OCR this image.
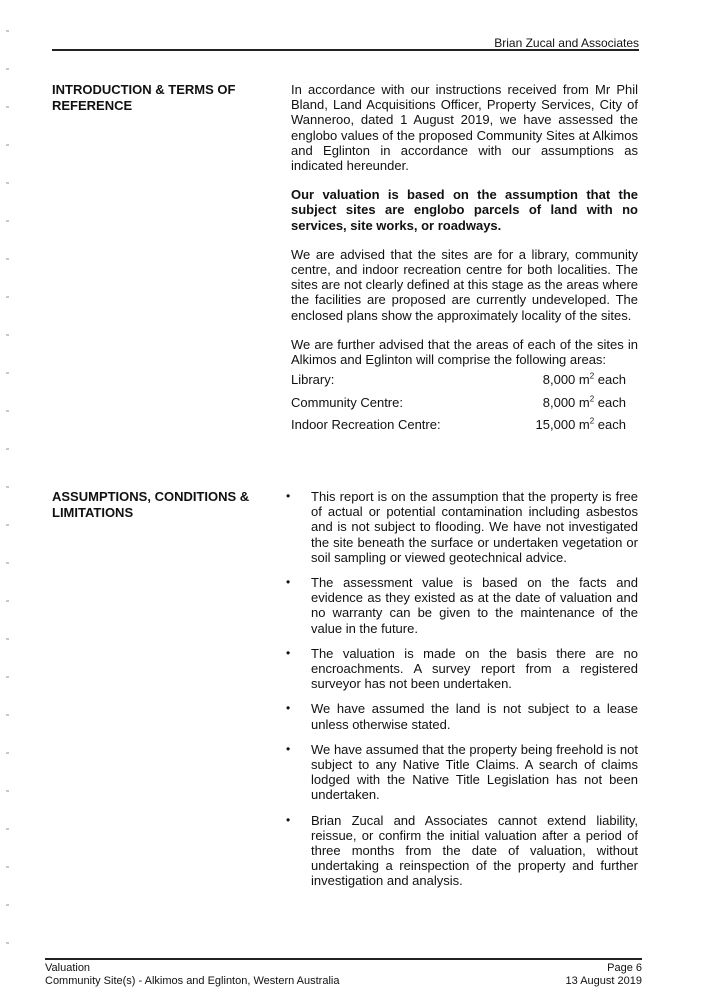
Brian Zucal and Associates
INTRODUCTION & TERMS OF REFERENCE

In accordance with our instructions received from Mr Phil Bland, Land Acquisitions Officer, Property Services, City of Wanneroo, dated 1 August 2019, we have assessed the englobo values of the proposed Community Sites at Alkimos and Eglinton in accordance with our assumptions as indicated hereunder.

Our valuation is based on the assumption that the subject sites are englobo parcels of land with no services, site works, or roadways.

We are advised that the sites are for a library, community centre, and indoor recreation centre for both localities. The sites are not clearly defined at this stage as the areas where the facilities are proposed are currently undeveloped. The enclosed plans show the approximately locality of the sites.

We are further advised that the areas of each of the sites in Alkimos and Eglinton will comprise the following areas:

Library:	8,000 $m^2$ each
Community Centre:	8,000 $m^2$ each
Indoor Recreation Centre:	15,000 $m^2$ each
ASSUMPTIONS, CONDITIONS & LIMITATIONS
• This report is on the assumption that the property is free of actual or potential contamination including asbestos and is not subject to flooding. We have not investigated the site beneath the surface or undertaken vegetation or soil sampling or viewed geotechnical advice.
• The assessment value is based on the facts and evidence as they existed as at the date of valuation and no warranty can be given to the maintenance of the value in the future.
• The valuation is made on the basis there are no encroachments. A survey report from a registered surveyor has not been undertaken.
• We have assumed the land is not subject to a lease unless otherwise stated.
• We have assumed that the property being freehold is not subject to any Native Title Claims. A search of claims lodged with the Native Title Legislation has not been undertaken.
• Brian Zucal and Associates cannot extend liability, reissue, or confirm the initial valuation after a period of three months from the date of valuation, without undertaking a reinspection of the property and further investigation and analysis.
Valuation
Community Site(s) - Alkimos and Eglinton, Western Australia
Page 6
13 August 2019
